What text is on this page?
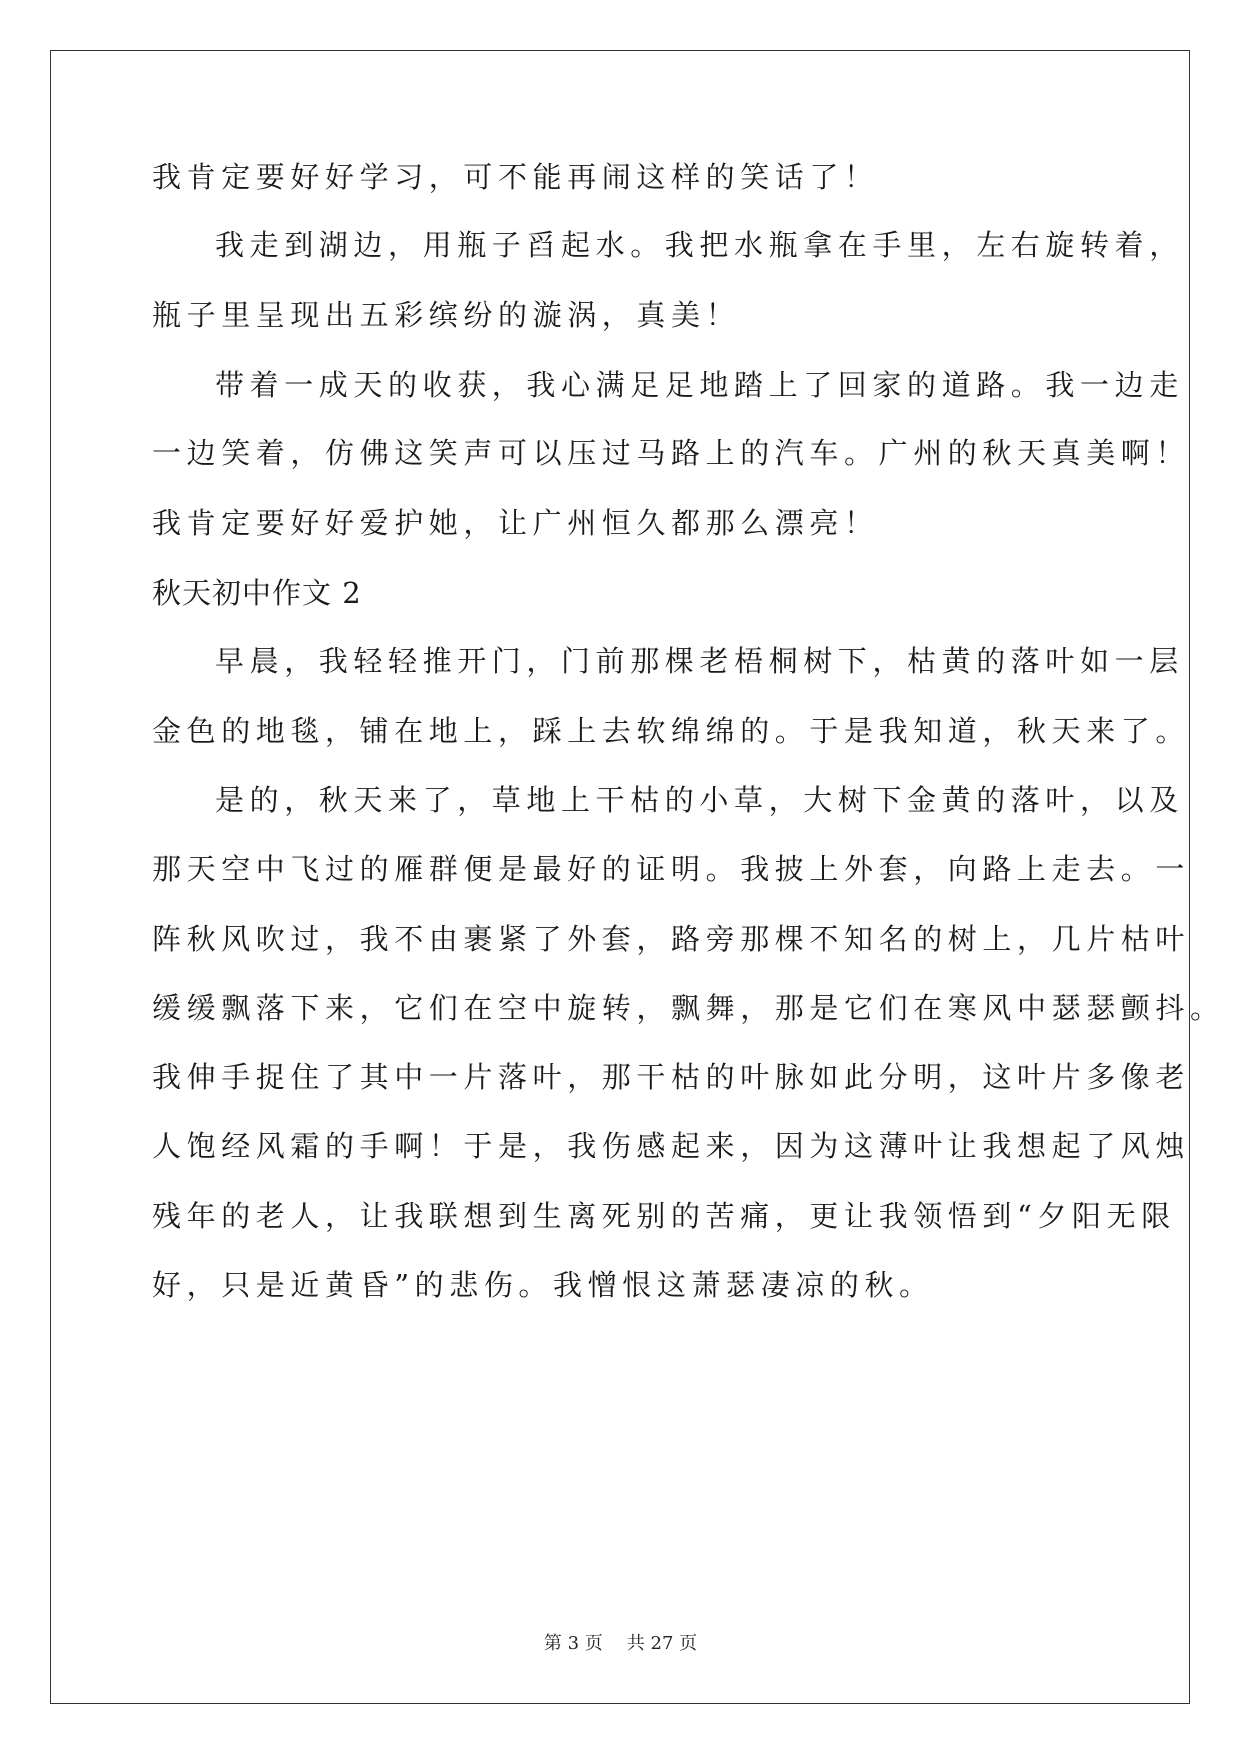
我肯定要好好学习，可不能再闹这样的笑话了！

我走到湖边，用瓶子舀起水。我把水瓶拿在手里，左右旋转着，

瓶子里呈现出五彩缤纷的漩涡，真美！

带着一成天的收获，我心满足足地踏上了回家的道路。我一边走

一边笑着，仿佛这笑声可以压过马路上的汽车。广州的秋天真美啊！

我肯定要好好爱护她，让广州恒久都那么漂亮！

秋天初中作文 2

早晨，我轻轻推开门，门前那棵老梧桐树下，枯黄的落叶如一层

金色的地毯，铺在地上，踩上去软绵绵的。于是我知道，秋天来了。

是的，秋天来了，草地上干枯的小草，大树下金黄的落叶，以及

那天空中飞过的雁群便是最好的证明。我披上外套，向路上走去。一

阵秋风吹过，我不由裹紧了外套，路旁那棵不知名的树上，几片枯叶

缓缓飘落下来，它们在空中旋转，飘舞，那是它们在寒风中瑟瑟颤抖。

我伸手捉住了其中一片落叶，那干枯的叶脉如此分明，这叶片多像老

人饱经风霜的手啊！于是，我伤感起来，因为这薄叶让我想起了风烛

残年的老人，让我联想到生离死别的苦痛，更让我领悟到“夕阳无限

好，只是近黄昏”的悲伤。我憎恨这萧瑟凄凉的秋。

第 3 页 共 27 页
